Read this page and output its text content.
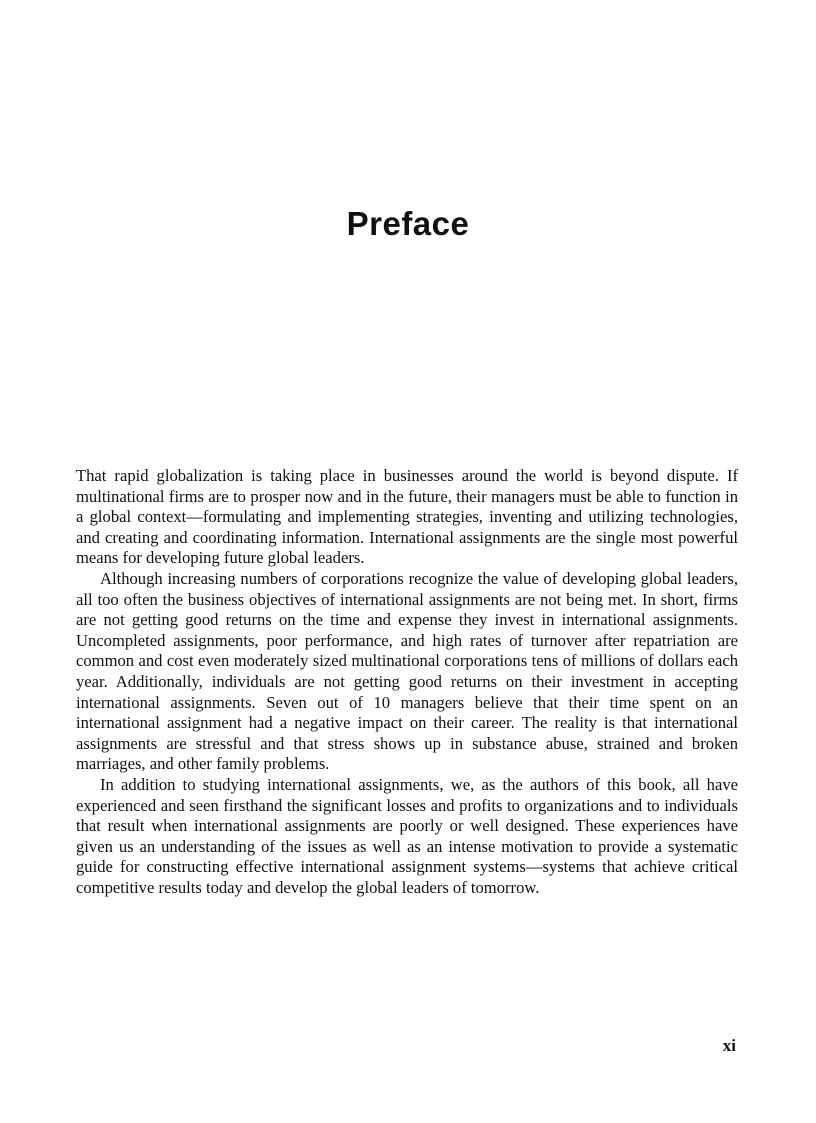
Preface

That rapid globalization is taking place in businesses around the world is beyond dispute. If multinational firms are to prosper now and in the future, their managers must be able to function in a global context—formulating and implementing strategies, inventing and utilizing technologies, and creating and coordinating information. International assignments are the single most powerful means for developing future global leaders.

Although increasing numbers of corporations recognize the value of developing global leaders, all too often the business objectives of international assignments are not being met. In short, firms are not getting good returns on the time and expense they invest in international assignments. Uncompleted assignments, poor performance, and high rates of turnover after repatriation are common and cost even moderately sized multinational corporations tens of millions of dollars each year. Additionally, individuals are not getting good returns on their investment in accepting international assignments. Seven out of 10 managers believe that their time spent on an international assignment had a negative impact on their career. The reality is that international assignments are stressful and that stress shows up in substance abuse, strained and broken marriages, and other family problems.

In addition to studying international assignments, we, as the authors of this book, all have experienced and seen firsthand the significant losses and profits to organizations and to individuals that result when international assignments are poorly or well designed. These experiences have given us an understanding of the issues as well as an intense motivation to provide a systematic guide for constructing effective international assignment systems—systems that achieve critical competitive results today and develop the global leaders of tomorrow.

xi
